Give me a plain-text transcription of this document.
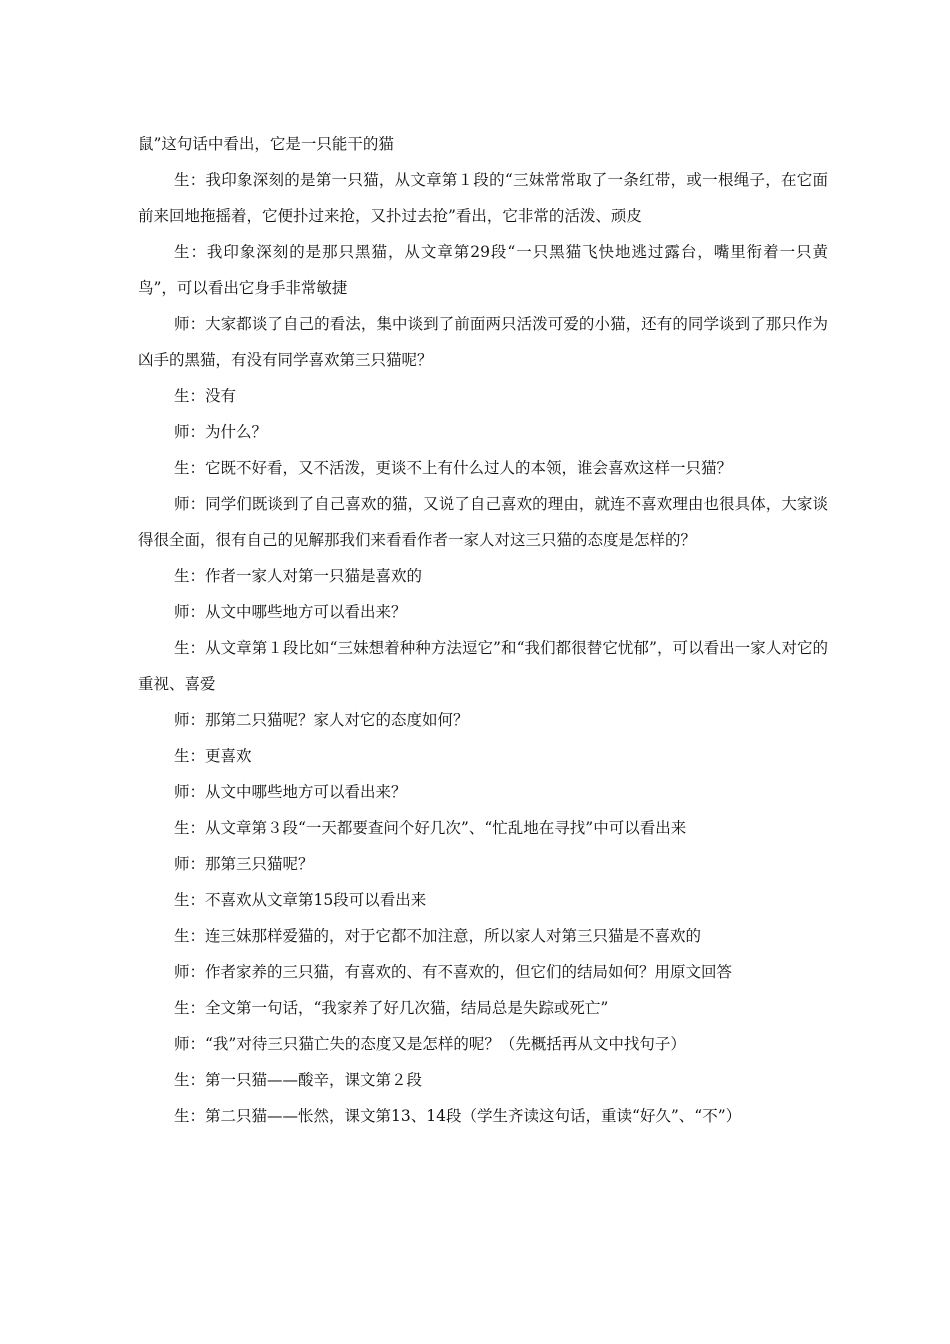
鼠”这句话中看出，它是一只能干的猫

生：我印象深刻的是第一只猫，从文章第１段的“三妹常常取了一条红带，或一根绳子，在它面前来回地拖摇着，它便扑过来抢，又扑过去抢”看出，它非常的活泼、顽皮

生：我印象深刻的是那只黑猫，从文章第29段“一只黑猫飞快地逃过露台，嘴里衔着一只黄鸟”，可以看出它身手非常敏捷

师：大家都谈了自己的看法，集中谈到了前面两只活泼可爱的小猫，还有的同学谈到了那只作为凶手的黑猫，有没有同学喜欢第三只猫呢？

生：没有

师：为什么？

生：它既不好看，又不活泼，更谈不上有什么过人的本领，谁会喜欢这样一只猫？

师：同学们既谈到了自己喜欢的猫，又说了自己喜欢的理由，就连不喜欢理由也很具体，大家谈得很全面，很有自己的见解那我们来看看作者一家人对这三只猫的态度是怎样的？

生：作者一家人对第一只猫是喜欢的

师：从文中哪些地方可以看出来？

生：从文章第１段比如“三妹想着种种方法逗它”和“我们都很替它忧郁”，可以看出一家人对它的重视、喜爱

师：那第二只猫呢？家人对它的态度如何？

生：更喜欢

师：从文中哪些地方可以看出来？

生：从文章第３段“一天都要查问个好几次”、“忙乱地在寻找”中可以看出来

师：那第三只猫呢？

生：不喜欢从文章第15段可以看出来

生：连三妹那样爱猫的，对于它都不加注意，所以家人对第三只猫是不喜欢的

师：作者家养的三只猫，有喜欢的、有不喜欢的，但它们的结局如何？用原文回答

生：全文第一句话，“我家养了好几次猫，结局总是失踪或死亡”

师：“我”对待三只猫亡失的态度又是怎样的呢？（先概括再从文中找句子）

生：第一只猫——酸辛，课文第２段

生：第二只猫——怅然，课文第13、14段（学生齐读这句话，重读“好久”、“不”）
